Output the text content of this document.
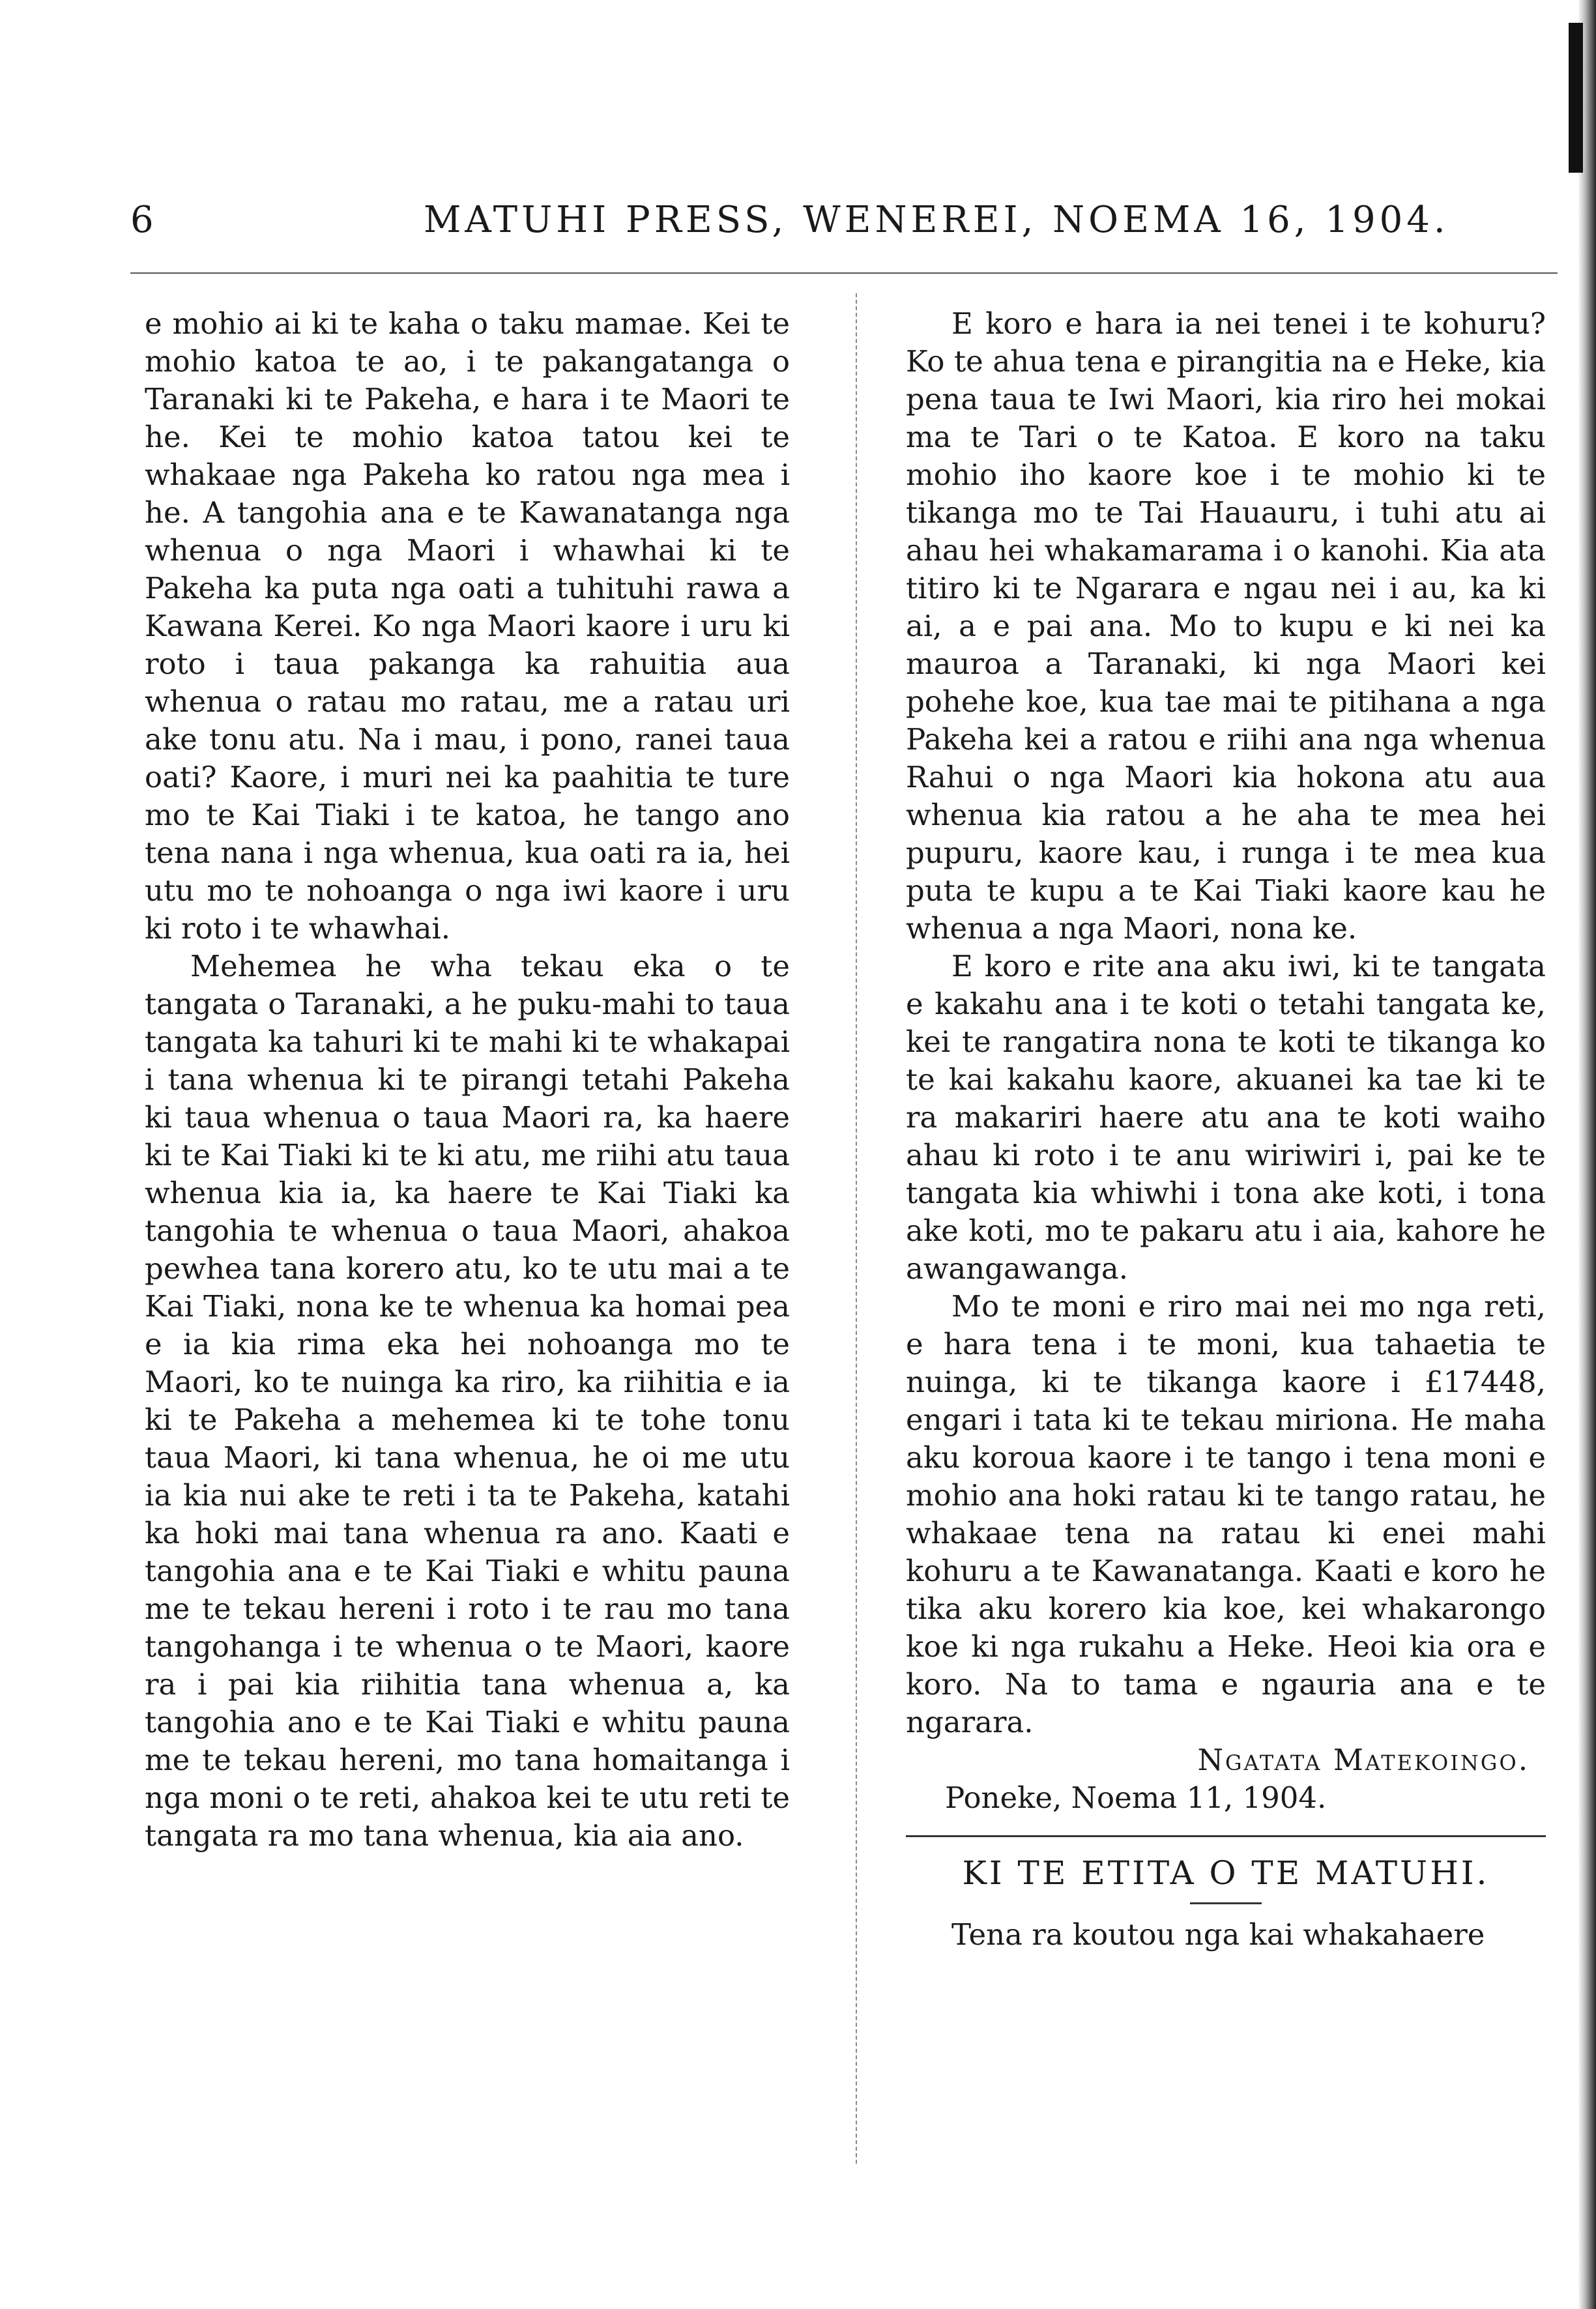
6	MATUHI PRESS, WENEREI, NOEMA 16, 1904.

e mohio ai ki te kaha o taku mamae. Kei te mohio katoa te ao, i te pakangatanga o Taranaki ki te Pakeha, e hara i te Maori te he. Kei te mohio katoa tatou kei te whakaae nga Pakeha ko ratou nga mea i he. A tangohia ana e te Kawanatanga nga whenua o nga Maori i whawhai ki te Pakeha ka puta nga oati a tuhituhi rawa a Kawana Kerei. Ko nga Maori kaore i uru ki roto i taua pakanga ka rahuitia aua whenua o ratau mo ratau, me a ratau uri ake tonu atu. Na i mau, i pono, ranei taua oati? Kaore, i muri nei ka paahitia te ture mo te Kai Tiaki i te katoa, he tango ano tena nana i nga whenua, kua oati ra ia, hei utu mo te nohoanga o nga iwi kaore i uru ki roto i te whawhai.

Mehemea he wha tekau eka o te tangata o Taranaki, a he puku-mahi to taua tangata ka tahuri ki te mahi ki te whakapai i tana whenua ki te pirangi tetahi Pakeha ki taua whenua o taua Maori ra, ka haere ki te Kai Tiaki ki te ki atu, me riihi atu taua whenua kia ia, ka haere te Kai Tiaki ka tangohia te whenua o taua Maori, ahakoa pewhea tana korero atu, ko te utu mai a te Kai Tiaki, nona ke te whenua ka homai pea e ia kia rima eka hei nohoanga mo te Maori, ko te nuinga ka riro, ka riihitia e ia ki te Pakeha a mehemea ki te tohe tonu taua Maori, ki tana whenua, he oi me utu ia kia nui ake te reti i ta te Pakeha, katahi ka hoki mai tana whenua ra ano. Kaati e tangohia ana e te Kai Tiaki e whitu pauna me te tekau hereni i roto i te rau mo tana tangohanga i te whenua o te Maori, kaore ra i pai kia riihitia tana whenua a, ka tangohia ano e te Kai Tiaki e whitu pauna me te tekau hereni, mo tana homaitanga i nga moni o te reti, ahakoa kei te utu reti te tangata ra mo tana whenua, kia aia ano.

E koro e hara ia nei tenei i te kohuru? Ko te ahua tena e pirangitia na e Heke, kia pena taua te Iwi Maori, kia riro hei mokai ma te Tari o te Katoa. E koro na taku mohio iho kaore koe i te mohio ki te tikanga mo te Tai Hauauru, i tuhi atu ai ahau hei whakamarama i o kanohi. Kia ata titiro ki te Ngarara e ngau nei i au, ka ki ai, a e pai ana. Mo to kupu e ki nei ka mauroa a Taranaki, ki nga Maori kei pohehe koe, kua tae mai te pitihana a nga Pakeha kei a ratou e riihi ana nga whenua Rahui o nga Maori kia hokona atu aua whenua kia ratou a he aha te mea hei pupuru, kaore kau, i runga i te mea kua puta te kupu a te Kai Tiaki kaore kau he whenua a nga Maori, nona ke.

E koro e rite ana aku iwi, ki te tangata e kakahu ana i te koti o tetahi tangata ke, kei te rangatira nona te koti te tikanga ko te kai kakahu kaore, akuanei ka tae ki te ra makariri haere atu ana te koti waiho ahau ki roto i te anu wiriwiri i, pai ke te tangata kia whiwhi i tona ake koti, i tona ake koti, mo te pakaru atu i aia, kahore he awangawanga.

Mo te moni e riro mai nei mo nga reti, e hara tena i te moni, kua tahaetia te nuinga, ki te tikanga kaore i £17448, engari i tata ki te tekau miriona. He maha aku koroua kaore i te tango i tena moni e mohio ana hoki ratau ki te tango ratau, he whakaae tena na ratau ki enei mahi kohuru a te Kawanatanga. Kaati e koro he tika aku korero kia koe, kei whakarongo koe ki nga rukahu a Heke. Heoi kia ora e koro. Na to tama e ngauria ana e te ngarara.

Ngatata Matekoingo.
Poneke, Noema 11, 1904.
KI TE ETITA O TE MATUHI.

Tena ra koutou nga kai whakahaere
